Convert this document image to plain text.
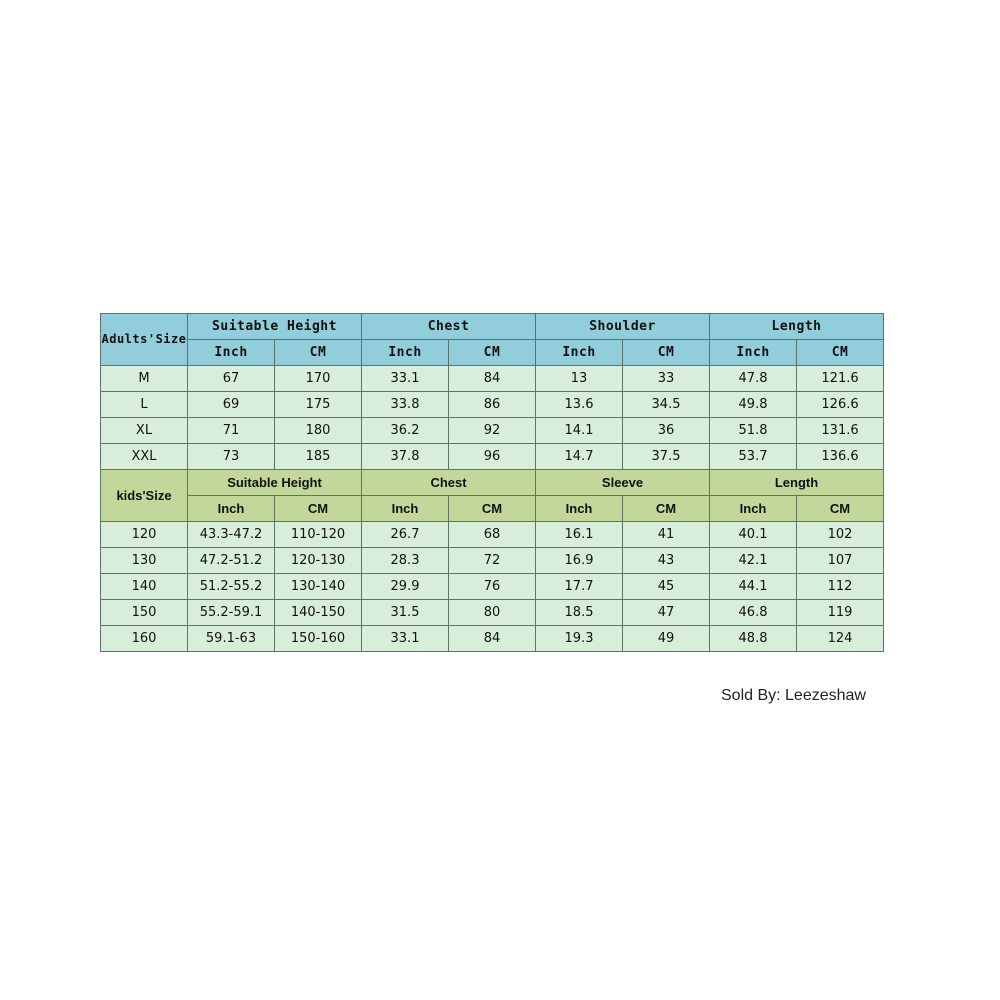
Adults'Size	Suitable Height		Chest		Shoulder		Length	
	Inch	CM	Inch	CM	Inch	CM	Inch	CM
M	67	170	33.1	84	13	33	47.8	121.6
L	69	175	33.8	86	13.6	34.5	49.8	126.6
XL	71	180	36.2	92	14.1	36	51.8	131.6
XXL	73	185	37.8	96	14.7	37.5	53.7	136.6
kids'Size	Suitable Height		Chest		Sleeve		Length	
	Inch	CM	Inch	CM	Inch	CM	Inch	CM
120	43.3-47.2	110-120	26.7	68	16.1	41	40.1	102
130	47.2-51.2	120-130	28.3	72	16.9	43	42.1	107
140	51.2-55.2	130-140	29.9	76	17.7	45	44.1	112
150	55.2-59.1	140-150	31.5	80	18.5	47	46.8	119
160	59.1-63	150-160	33.1	84	19.3	49	48.8	124
Sold By: Leezeshaw
